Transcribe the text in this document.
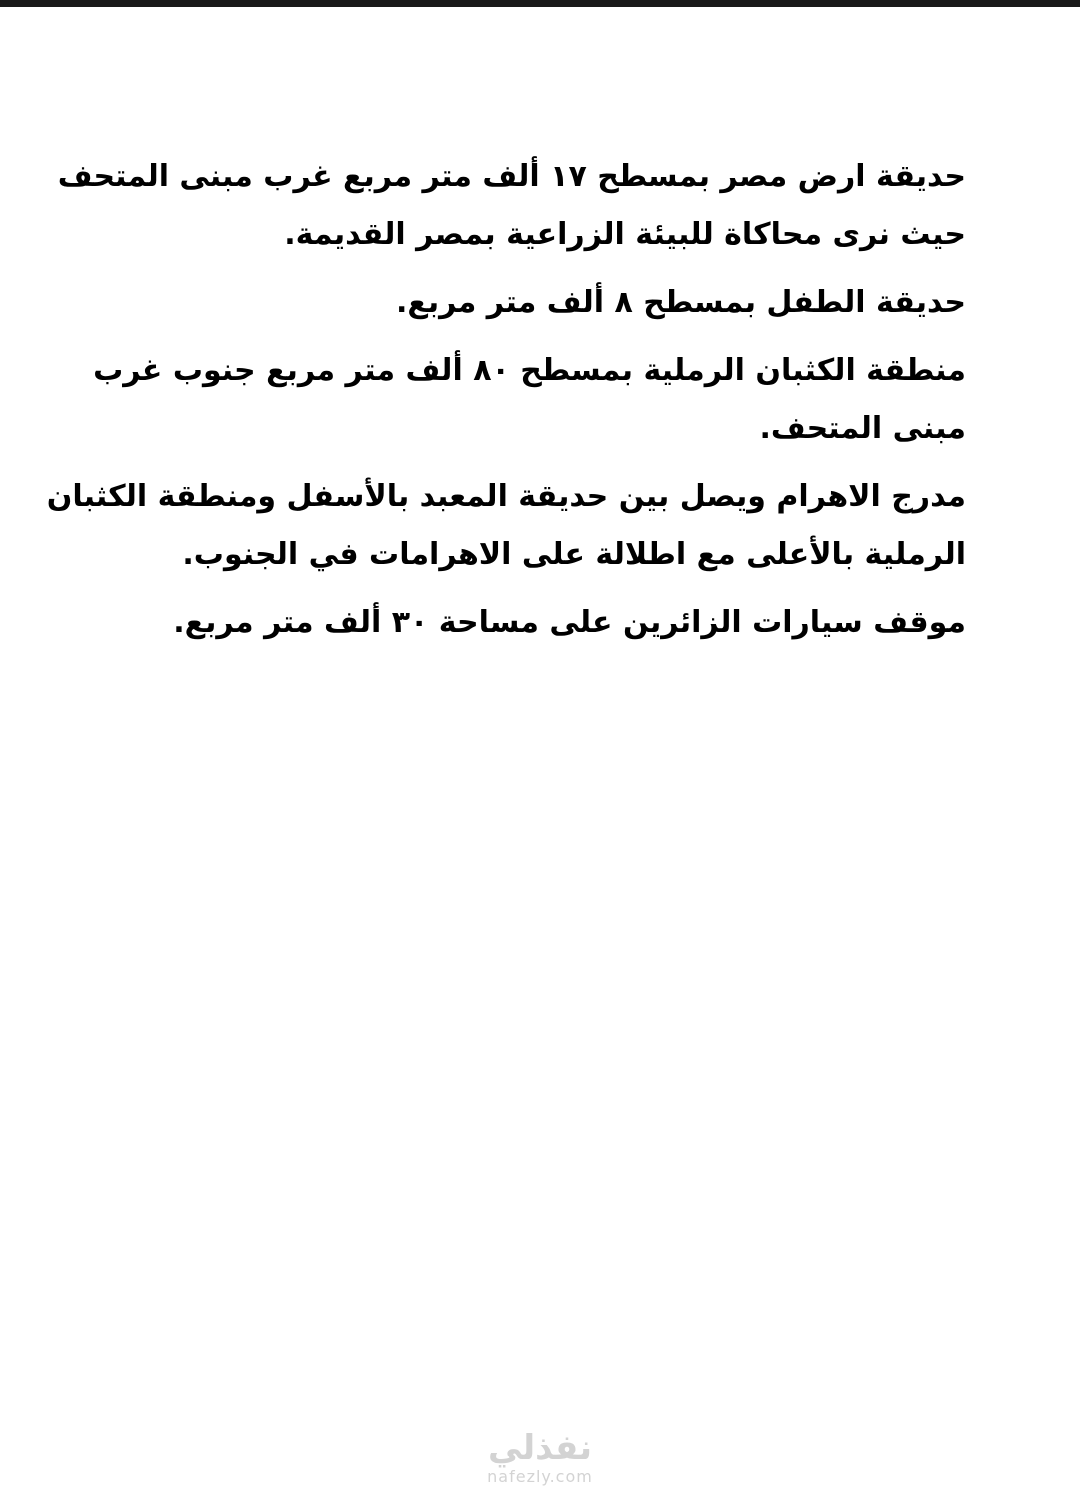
حديقة ارض مصر بمسطح ١٧ ألف متر مربع غرب مبنى المتحف حيث نرى محاكاة للبيئة الزراعية بمصر القديمة.

حديقة الطفل بمسطح ٨ ألف متر مربع.

منطقة الكثبان الرملية بمسطح ٨٠ ألف متر مربع جنوب غرب مبنى المتحف.

مدرج الاهرام ويصل بين حديقة المعبد بالأسفل ومنطقة الكثبان الرملية بالأعلى مع اطلالة على الاهرامات في الجنوب.

موقف سيارات الزائرين على مساحة ٣٠ ألف متر مربع.

نفذلي
nafezly.com
